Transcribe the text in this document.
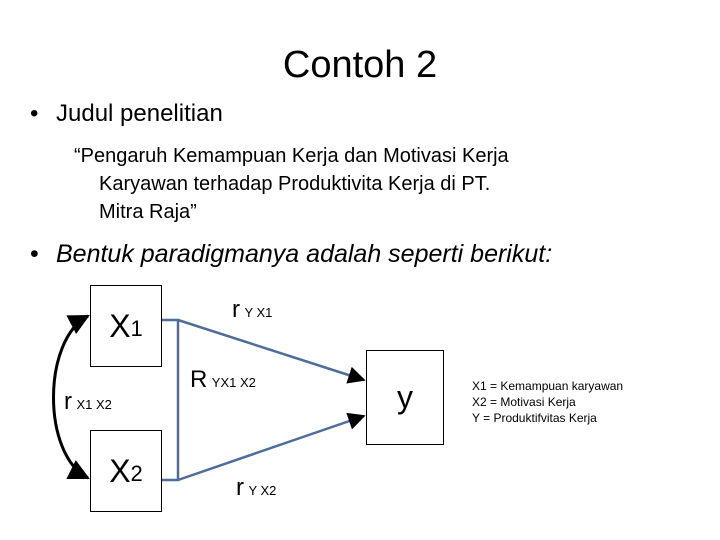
Contoh 2
• Judul penelitian
“Pengaruh Kemampuan Kerja dan Motivasi Kerja
Karyawan terhadap Produktivita Kerja di PT.
Mitra Raja”
• Bentuk paradigmanya adalah seperti berikut:
X 1
X 2
y
r Y X1
R YX1 X2
r X1 X2
r Y X2
X1 = Kemampuan karyawan
X2 = Motivasi Kerja
Y = Produktifvitas Kerja
